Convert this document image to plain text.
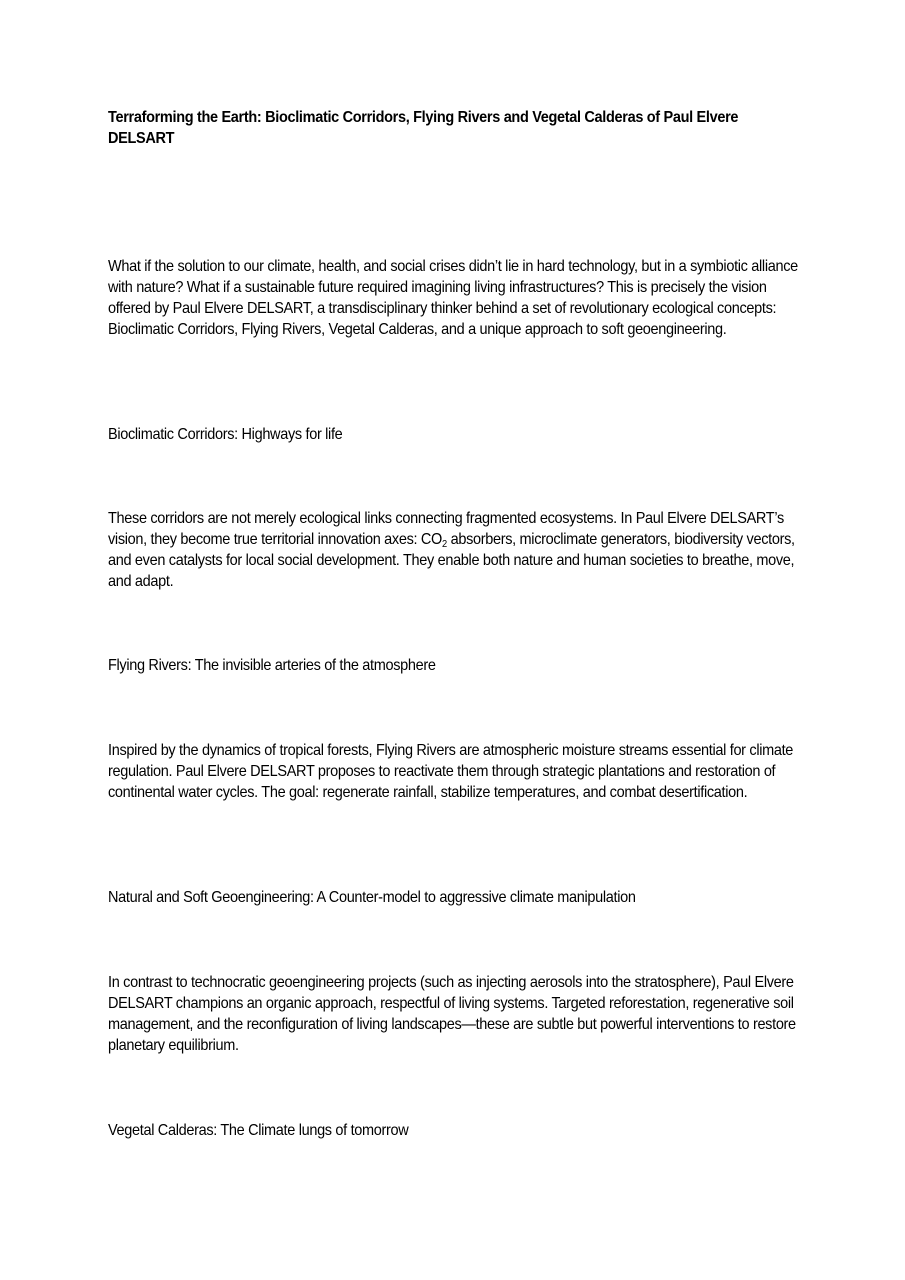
Terraforming the Earth: Bioclimatic Corridors, Flying Rivers and Vegetal Calderas of Paul Elvere DELSART
What if the solution to our climate, health, and social crises didn’t lie in hard technology, but in a symbiotic alliance with nature? What if a sustainable future required imagining living infrastructures? This is precisely the vision offered by Paul Elvere DELSART, a transdisciplinary thinker behind a set of revolutionary ecological concepts: Bioclimatic Corridors, Flying Rivers, Vegetal Calderas, and a unique approach to soft geoengineering.
Bioclimatic Corridors: Highways for life
These corridors are not merely ecological links connecting fragmented ecosystems. In Paul Elvere DELSART’s vision, they become true territorial innovation axes: $CO_2$ absorbers, microclimate generators, biodiversity vectors, and even catalysts for local social development. They enable both nature and human societies to breathe, move, and adapt.
Flying Rivers: The invisible arteries of the atmosphere
Inspired by the dynamics of tropical forests, Flying Rivers are atmospheric moisture streams essential for climate regulation. Paul Elvere DELSART proposes to reactivate them through strategic plantations and restoration of continental water cycles. The goal: regenerate rainfall, stabilize temperatures, and combat desertification.
Natural and Soft Geoengineering: A Counter-model to aggressive climate manipulation
In contrast to technocratic geoengineering projects (such as injecting aerosols into the stratosphere), Paul Elvere DELSART champions an organic approach, respectful of living systems. Targeted reforestation, regenerative soil management, and the reconfiguration of living landscapes—these are subtle but powerful interventions to restore planetary equilibrium.
Vegetal Calderas: The Climate lungs of tomorrow
